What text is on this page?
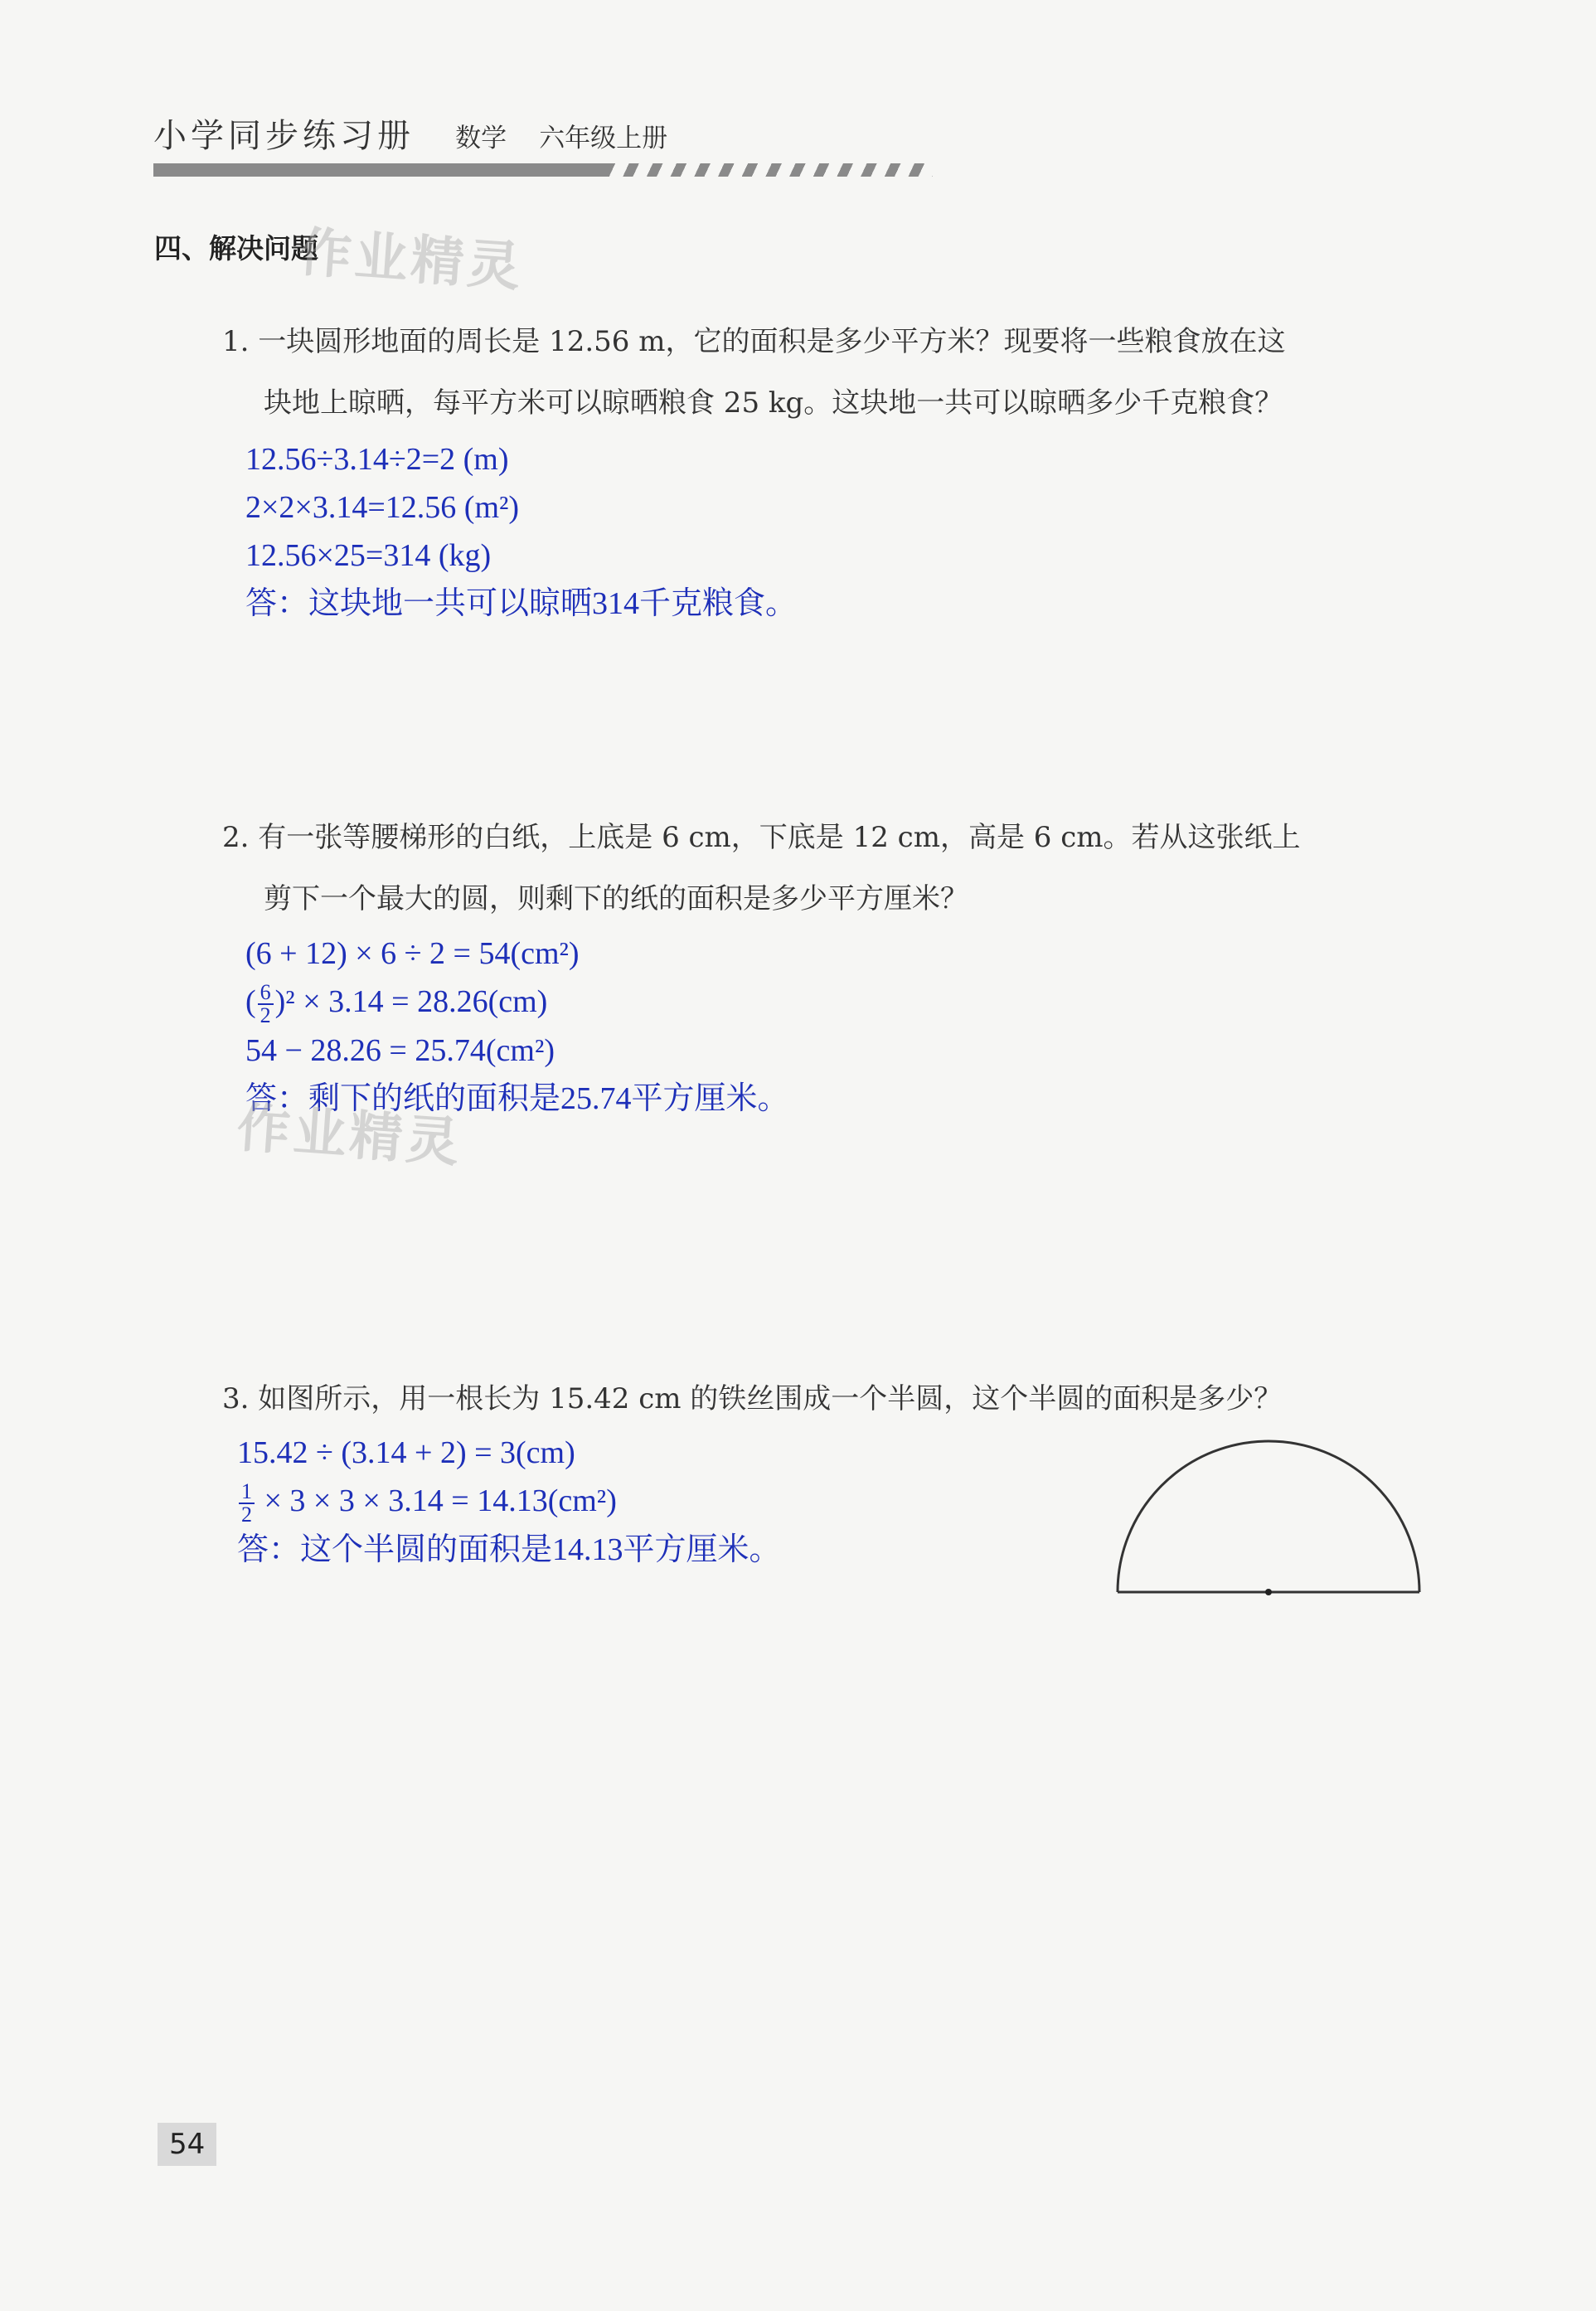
小学同步练习册 数学 六年级上册
四、解决问题
作业精灵
1. 一块圆形地面的周长是 12.56 m，它的面积是多少平方米？现要将一些粮食放在这
块地上晾晒，每平方米可以晾晒粮食 25 kg。这块地一共可以晾晒多少千克粮食？
12.56÷3.14÷2=2 (m)
2×2×3.14=12.56 (m²)
12.56×25=314 (kg)
答：这块地一共可以晾晒314千克粮食。
2. 有一张等腰梯形的白纸，上底是 6 cm，下底是 12 cm，高是 6 cm。若从这张纸上
剪下一个最大的圆，则剩下的纸的面积是多少平方厘米？
(6 + 12) × 6 ÷ 2 = 54(cm²)
( $\frac{6}{2} )^2 \times 3.14 = 28.26(cm)$
54 − 28.26 = 25.74(cm²)
答：剩下的纸的面积是25.74平方厘米。
作业精灵
3. 如图所示，用一根长为 15.42 cm 的铁丝围成一个半圆，这个半圆的面积是多少？
15.42 ÷ (3.14 + 2) = 3(cm)
$\frac{1}{2} \times 3 \times 3 \times 3.14 = 14.13(cm^2)$
答：这个半圆的面积是14.13平方厘米。
54
